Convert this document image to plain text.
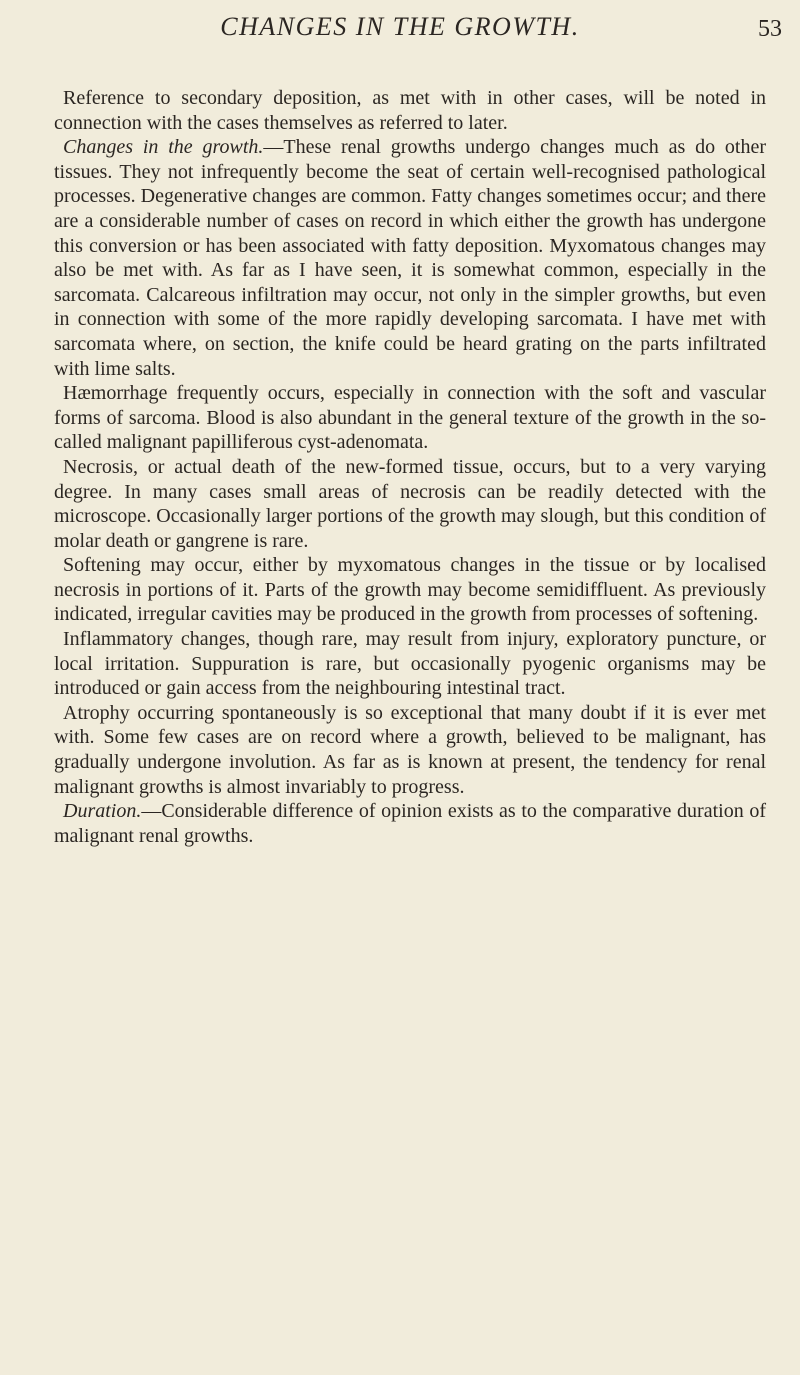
CHANGES IN THE GROWTH.	53

Reference to secondary deposition, as met with in other cases, will be noted in connection with the cases themselves as referred to later.

Changes in the growth.—These renal growths undergo changes much as do other tissues. They not infrequently become the seat of certain well-recognised pathological processes. Degenerative changes are common. Fatty changes sometimes occur; and there are a considerable number of cases on record in which either the growth has undergone this conversion or has been associated with fatty deposition. Myxomatous changes may also be met with. As far as I have seen, it is somewhat common, especially in the sarcomata. Calcareous infiltration may occur, not only in the simpler growths, but even in connection with some of the more rapidly developing sarcomata. I have met with sarcomata where, on section, the knife could be heard grating on the parts infiltrated with lime salts.

Hæmorrhage frequently occurs, especially in connection with the soft and vascular forms of sarcoma. Blood is also abundant in the general texture of the growth in the so-called malignant papilliferous cyst-adenomata.

Necrosis, or actual death of the new-formed tissue, occurs, but to a very varying degree. In many cases small areas of necrosis can be readily detected with the microscope. Occasionally larger portions of the growth may slough, but this condition of molar death or gangrene is rare.

Softening may occur, either by myxomatous changes in the tissue or by localised necrosis in portions of it. Parts of the growth may become semidiffluent. As previously indicated, irregular cavities may be produced in the growth from processes of softening.

Inflammatory changes, though rare, may result from injury, exploratory puncture, or local irritation. Suppuration is rare, but occasionally pyogenic organisms may be introduced or gain access from the neighbouring intestinal tract.

Atrophy occurring spontaneously is so exceptional that many doubt if it is ever met with. Some few cases are on record where a growth, believed to be malignant, has gradually undergone involution. As far as is known at present, the tendency for renal malignant growths is almost invariably to progress.

Duration.—Considerable difference of opinion exists as to the comparative duration of malignant renal growths.
